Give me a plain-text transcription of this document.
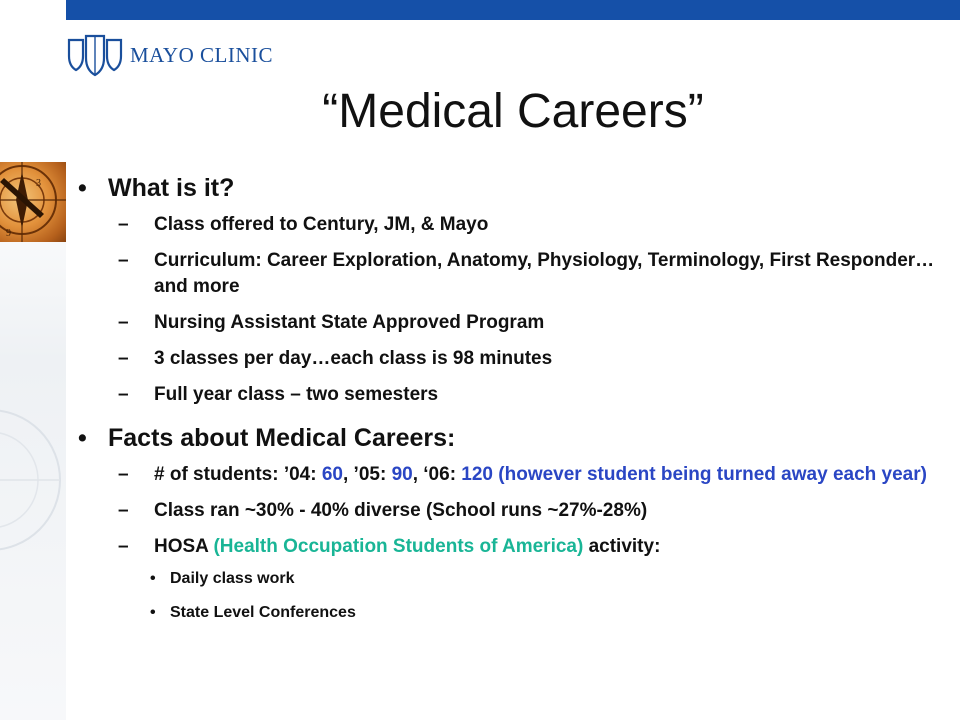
3
9
MAYO CLINIC
“Medical Careers”
• What is it?
– Class offered to Century, JM, & Mayo
– Curriculum: Career Exploration, Anatomy, Physiology, Terminology, First Responder…and more
– Nursing Assistant State Approved Program
– 3 classes per day…each class is 98 minutes
– Full year class – two semesters
• Facts about Medical Careers:
– # of students: ’04: 60, ’05: 90, ‘06: 120 (however student being turned away each year)
– Class ran ~30% - 40% diverse (School runs ~27%-28%)
– HOSA (Health Occupation Students of America) activity:
• Daily class work
• State Level Conferences
